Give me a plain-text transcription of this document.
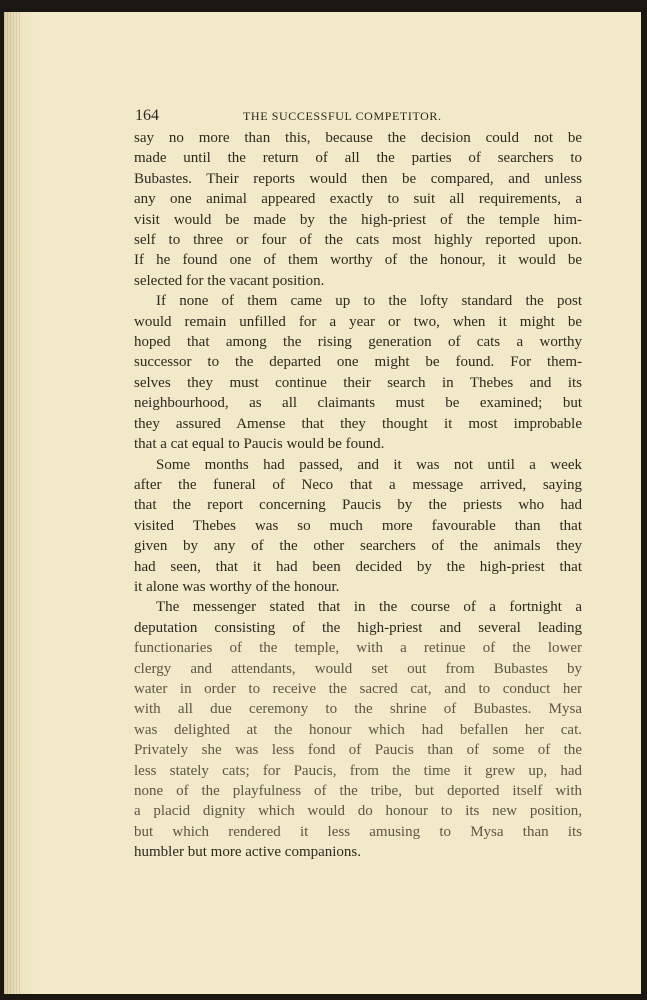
164	THE SUCCESSFUL COMPETITOR.

say no more than this, because the decision could not be
made until the return of all the parties of searchers to
Bubastes. Their reports would then be compared, and unless
any one animal appeared exactly to suit all requirements, a
visit would be made by the high-priest of the temple him-
self to three or four of the cats most highly reported upon.
If he found one of them worthy of the honour, it would be
selected for the vacant position.

If none of them came up to the lofty standard the post
would remain unfilled for a year or two, when it might be
hoped that among the rising generation of cats a worthy
successor to the departed one might be found. For them-
selves they must continue their search in Thebes and its
neighbourhood, as all claimants must be examined; but
they assured Amense that they thought it most improbable
that a cat equal to Paucis would be found.

Some months had passed, and it was not until a week
after the funeral of Neco that a message arrived, saying
that the report concerning Paucis by the priests who had
visited Thebes was so much more favourable than that
given by any of the other searchers of the animals they
had seen, that it had been decided by the high-priest that
it alone was worthy of the honour.

The messenger stated that in the course of a fortnight a
deputation consisting of the high-priest and several leading
functionaries of the temple, with a retinue of the lower
clergy and attendants, would set out from Bubastes by
water in order to receive the sacred cat, and to conduct her
with all due ceremony to the shrine of Bubastes. Mysa
was delighted at the honour which had befallen her cat.
Privately she was less fond of Paucis than of some of the
less stately cats; for Paucis, from the time it grew up, had
none of the playfulness of the tribe, but deported itself with
a placid dignity which would do honour to its new position,
but which rendered it less amusing to Mysa than its
humbler but more active companions.
